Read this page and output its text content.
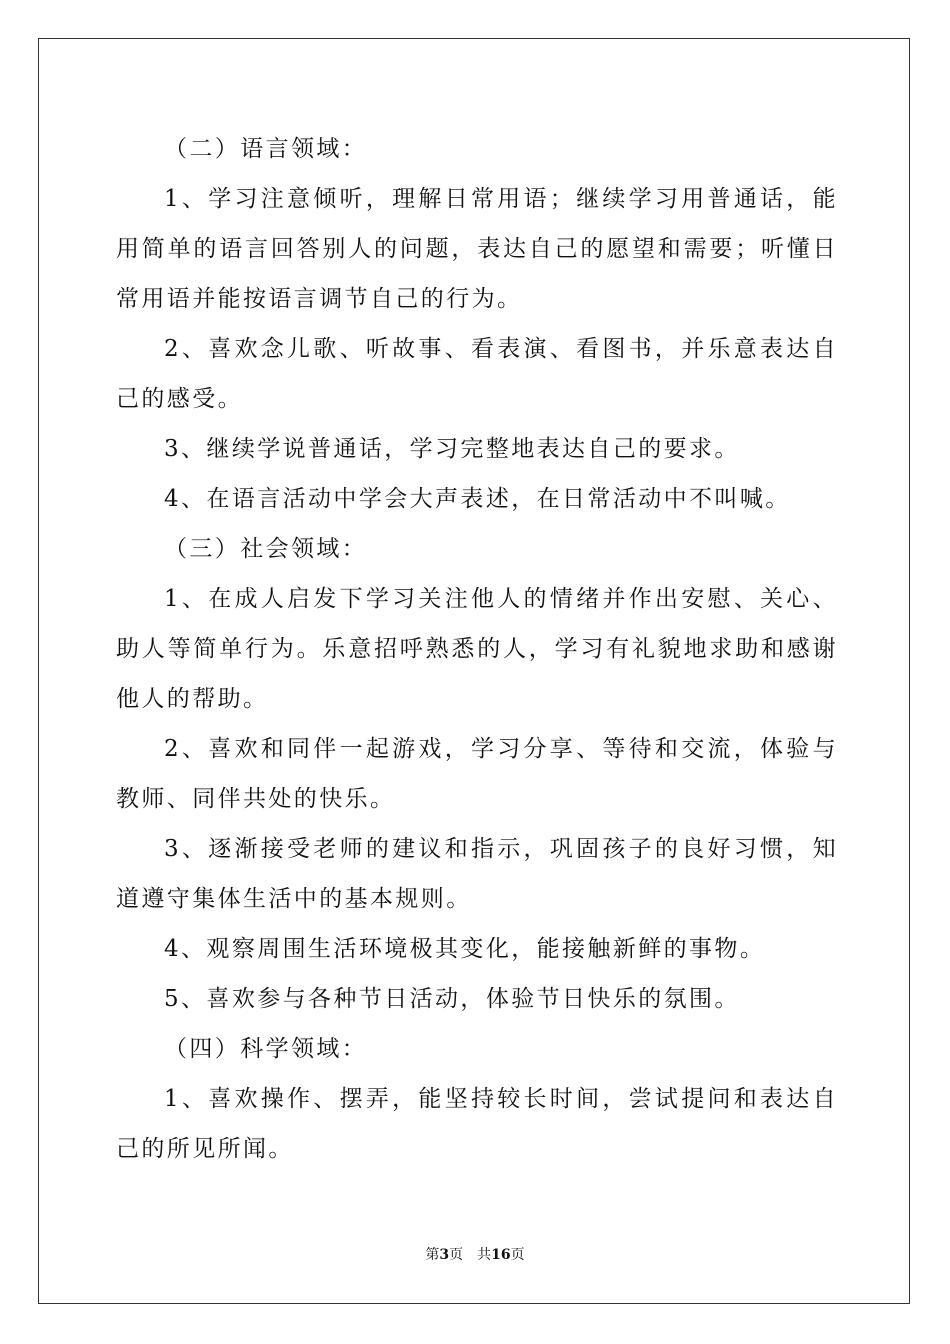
（二）语言领域：

1、学习注意倾听，理解日常用语；继续学习用普通话，能用简单的语言回答别人的问题，表达自己的愿望和需要；听懂日常用语并能按语言调节自己的行为。

2、喜欢念儿歌、听故事、看表演、看图书，并乐意表达自己的感受。

3、继续学说普通话，学习完整地表达自己的要求。

4、在语言活动中学会大声表述，在日常活动中不叫喊。

（三）社会领域：

1、在成人启发下学习关注他人的情绪并作出安慰、关心、助人等简单行为。乐意招呼熟悉的人，学习有礼貌地求助和感谢他人的帮助。

2、喜欢和同伴一起游戏，学习分享、等待和交流，体验与教师、同伴共处的快乐。

3、逐渐接受老师的建议和指示，巩固孩子的良好习惯，知道遵守集体生活中的基本规则。

4、观察周围生活环境极其变化，能接触新鲜的事物。

5、喜欢参与各种节日活动，体验节日快乐的氛围。

（四）科学领域：

1、喜欢操作、摆弄，能坚持较长时间，尝试提问和表达自己的所见所闻。

第3页 共16页
